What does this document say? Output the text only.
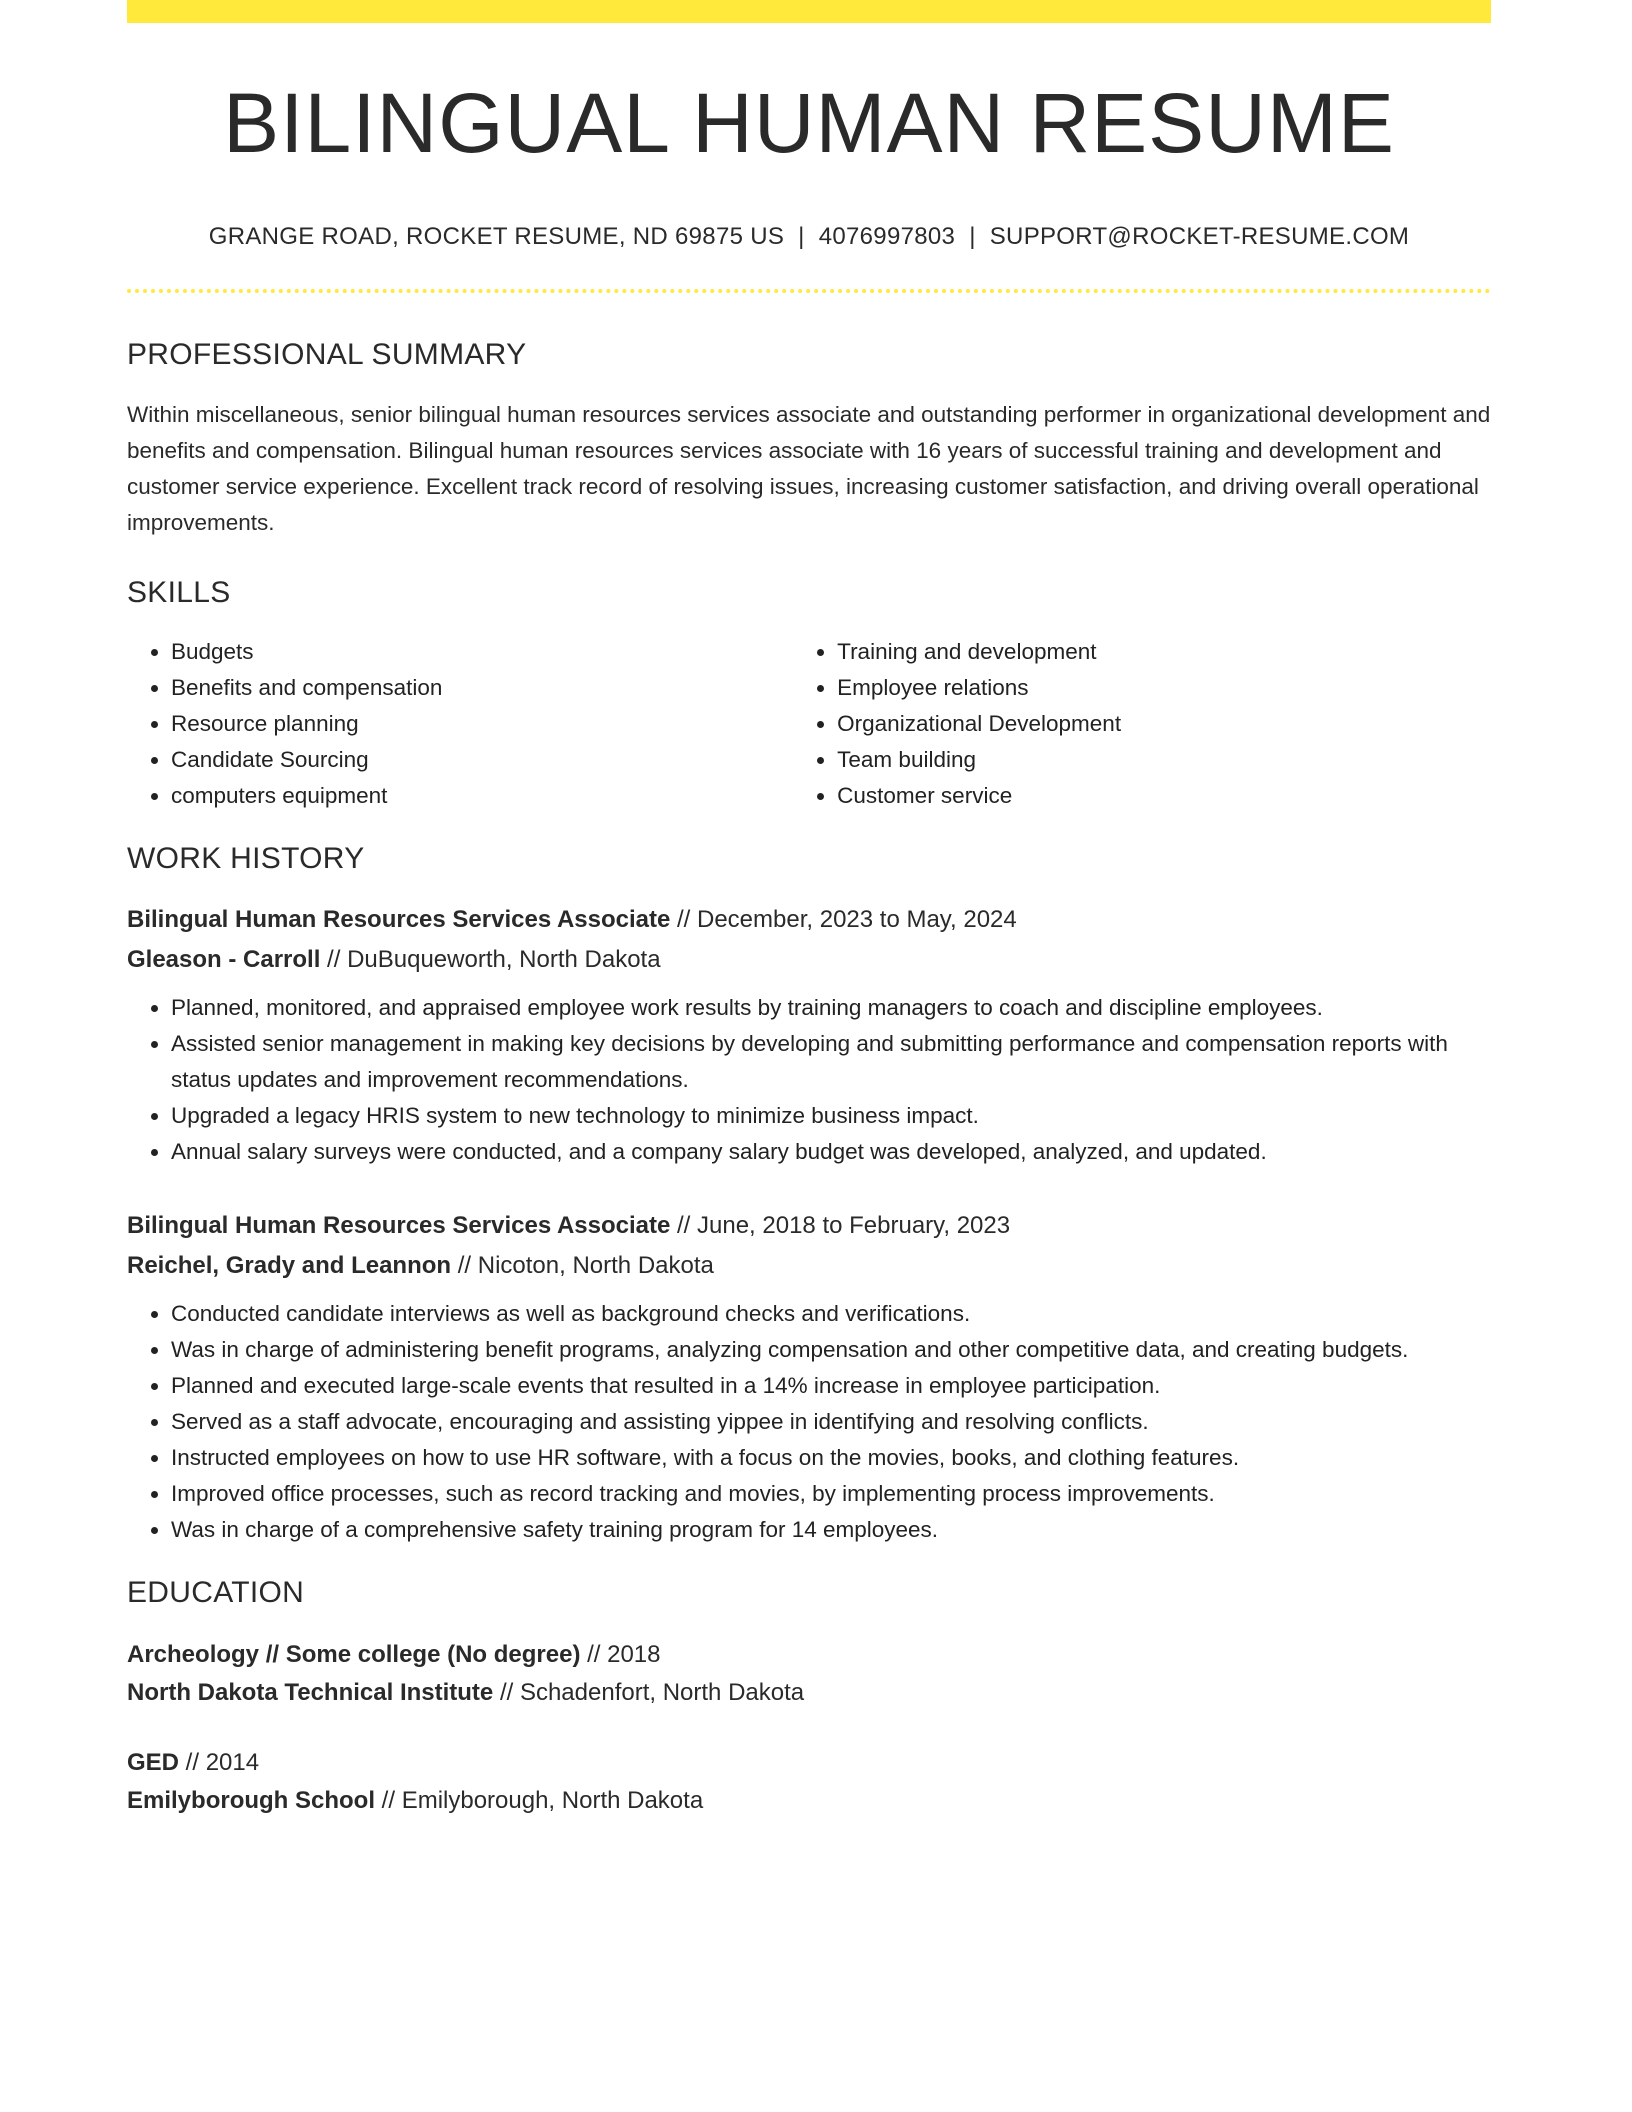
BILINGUAL HUMAN RESUME
GRANGE ROAD, ROCKET RESUME, ND 69875 US | 4076997803 | SUPPORT@ROCKET-RESUME.COM
PROFESSIONAL SUMMARY
Within miscellaneous, senior bilingual human resources services associate and outstanding performer in organizational development and benefits and compensation. Bilingual human resources services associate with 16 years of successful training and development and customer service experience. Excellent track record of resolving issues, increasing customer satisfaction, and driving overall operational improvements.
SKILLS
• Budgets
• Benefits and compensation
• Resource planning
• Candidate Sourcing
• computers equipment
• Training and development
• Employee relations
• Organizational Development
• Team building
• Customer service
WORK HISTORY
Bilingual Human Resources Services Associate // December, 2023 to May, 2024
Gleason - Carroll // DuBuqueworth, North Dakota
• Planned, monitored, and appraised employee work results by training managers to coach and discipline employees.
• Assisted senior management in making key decisions by developing and submitting performance and compensation reports with status updates and improvement recommendations.
• Upgraded a legacy HRIS system to new technology to minimize business impact.
• Annual salary surveys were conducted, and a company salary budget was developed, analyzed, and updated.
Bilingual Human Resources Services Associate // June, 2018 to February, 2023
Reichel, Grady and Leannon // Nicoton, North Dakota
• Conducted candidate interviews as well as background checks and verifications.
• Was in charge of administering benefit programs, analyzing compensation and other competitive data, and creating budgets.
• Planned and executed large-scale events that resulted in a 14% increase in employee participation.
• Served as a staff advocate, encouraging and assisting yippee in identifying and resolving conflicts.
• Instructed employees on how to use HR software, with a focus on the movies, books, and clothing features.
• Improved office processes, such as record tracking and movies, by implementing process improvements.
• Was in charge of a comprehensive safety training program for 14 employees.
EDUCATION
Archeology // Some college (No degree) // 2018
North Dakota Technical Institute // Schadenfort, North Dakota
GED // 2014
Emilyborough School // Emilyborough, North Dakota
